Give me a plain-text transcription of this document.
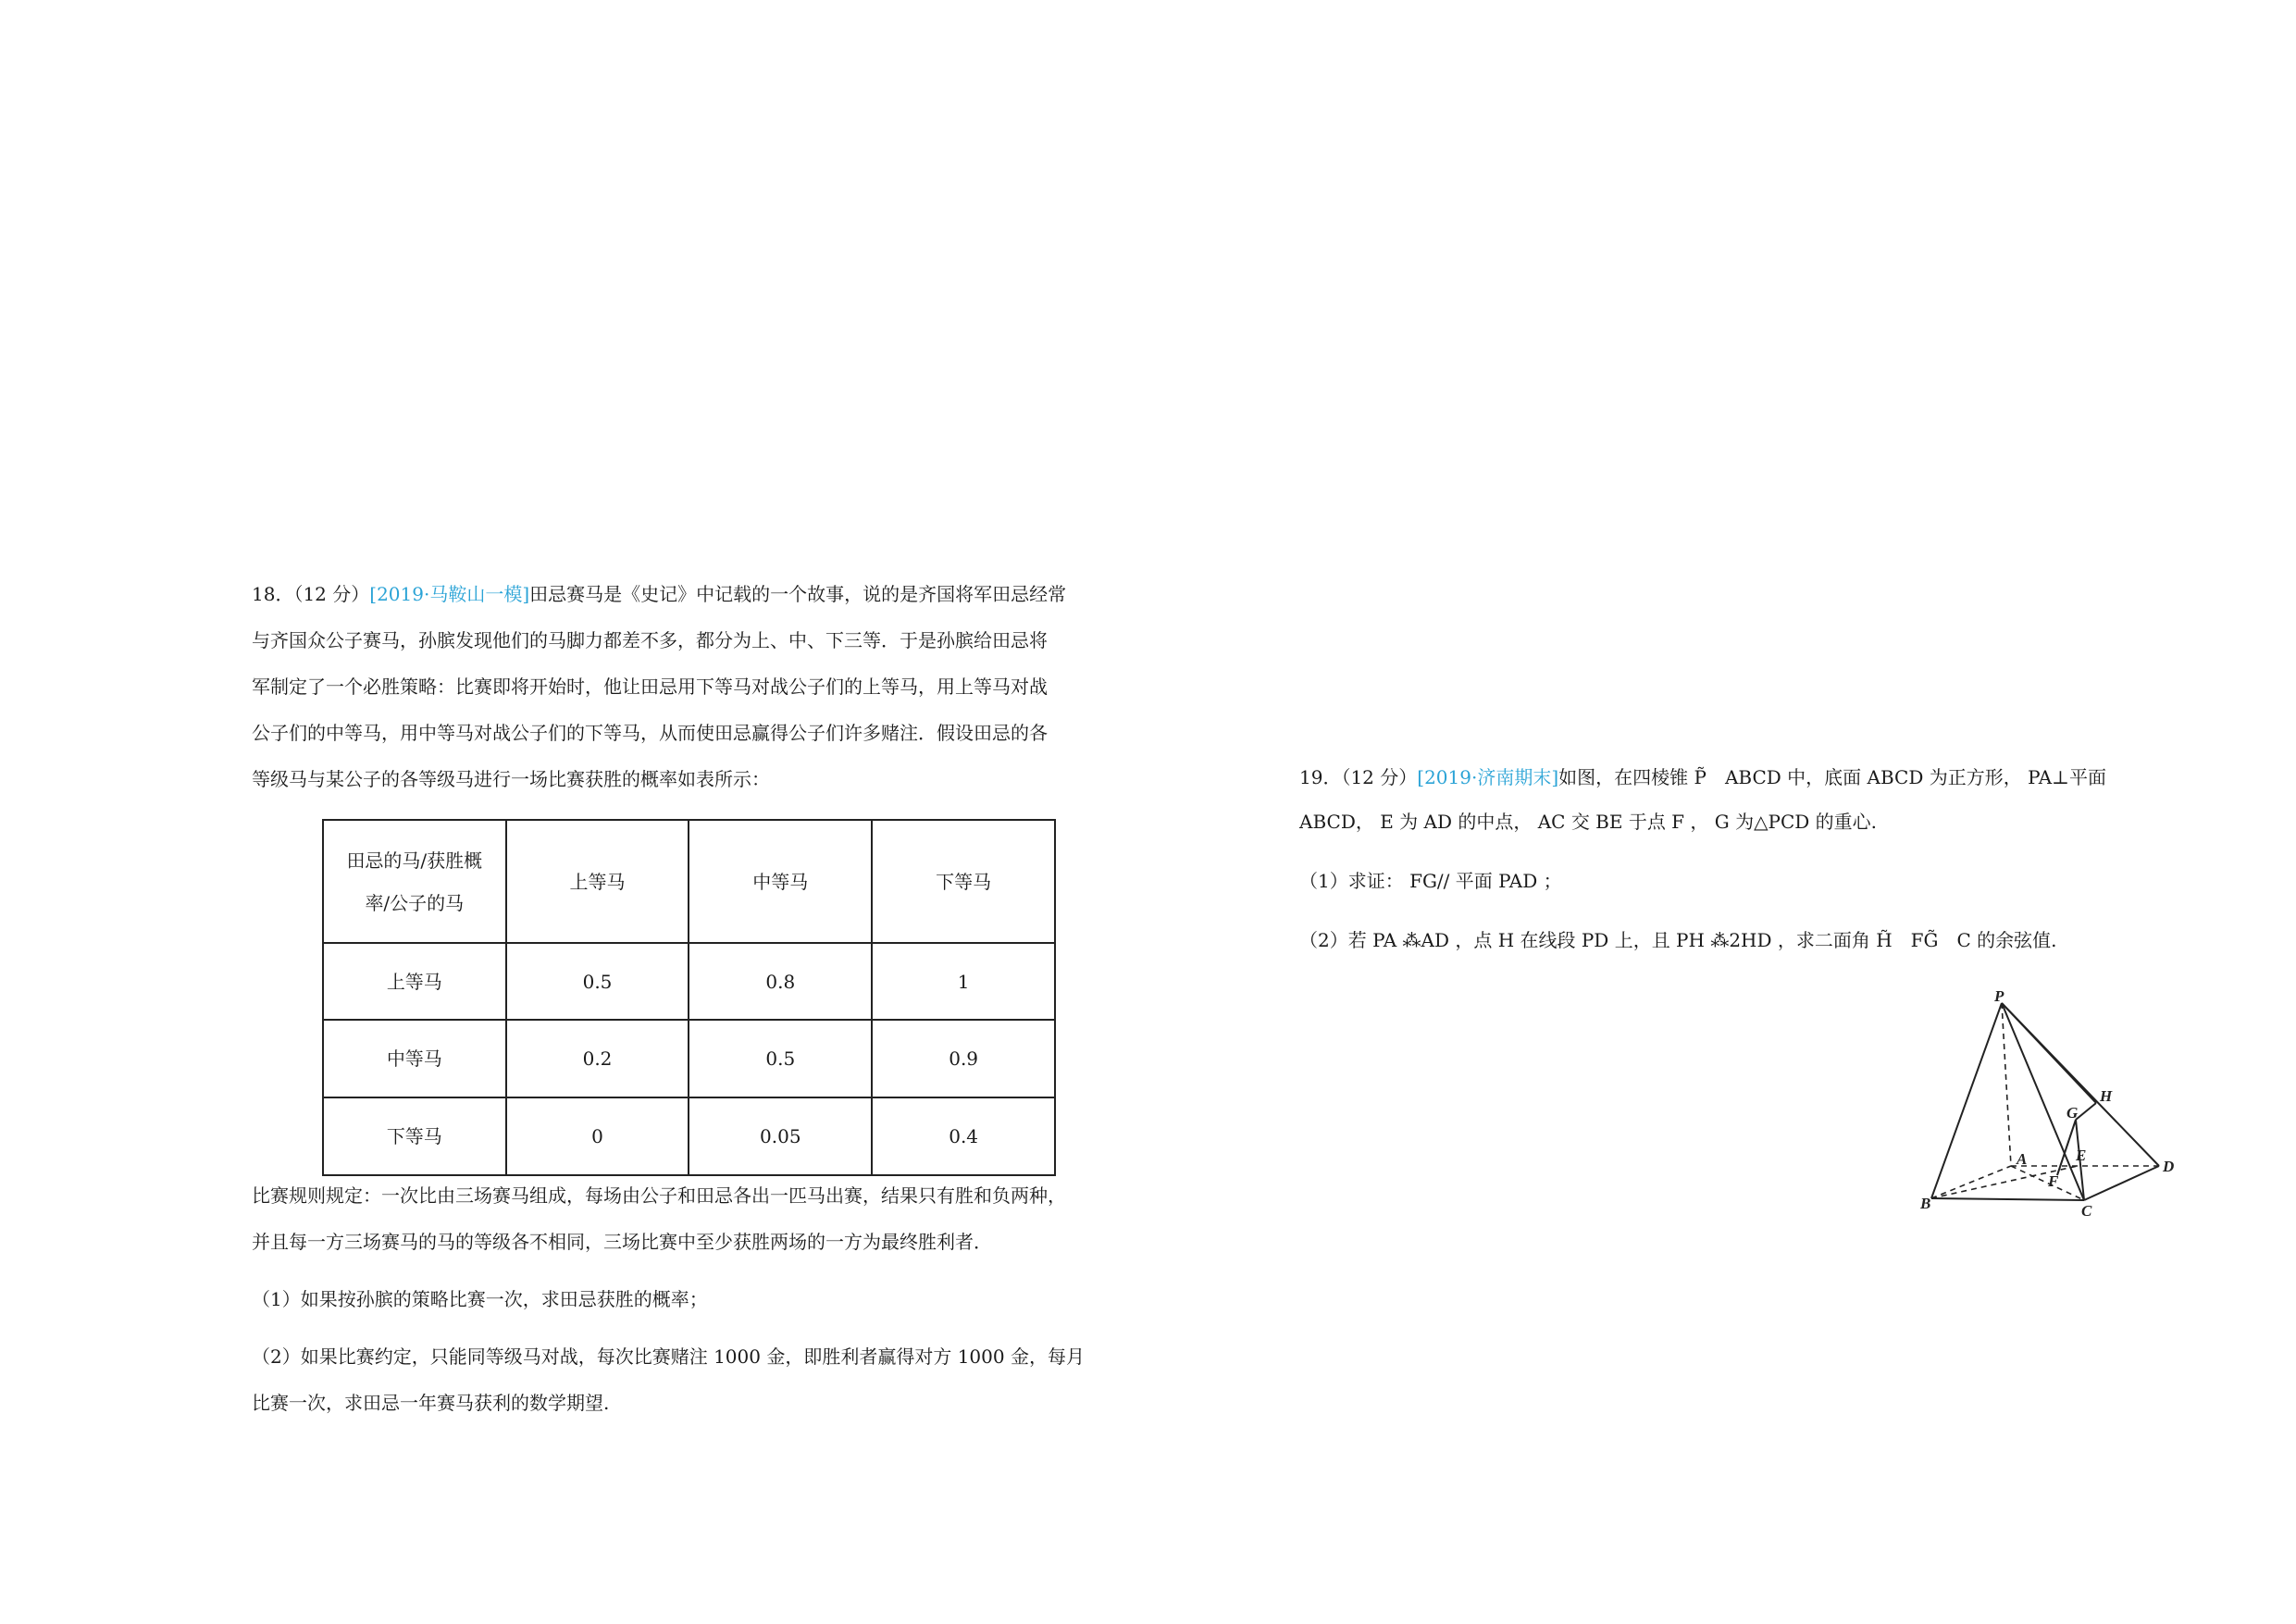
18．（12 分）[2019·马鞍山一模]田忌赛马是《史记》中记载的一个故事，说的是齐国将军田忌经常
与齐国众公子赛马，孙膑发现他们的马脚力都差不多，都分为上、中、下三等．于是孙膑给田忌将
军制定了一个必胜策略：比赛即将开始时，他让田忌用下等马对战公子们的上等马，用上等马对战
公子们的中等马，用中等马对战公子们的下等马，从而使田忌赢得公子们许多赌注．假设田忌的各
等级马与某公子的各等级马进行一场比赛获胜的概率如表所示：
田忌的马/获胜概
率/公子的马	上等马	中等马	下等马
上等马	0.5	0.8	1
中等马	0.2	0.5	0.9
下等马	0	0.05	0.4
比赛规则规定：一次比由三场赛马组成，每场由公子和田忌各出一匹马出赛，结果只有胜和负两种，
并且每一方三场赛马的马的等级各不相同，三场比赛中至少获胜两场的一方为最终胜利者．
（1）如果按孙膑的策略比赛一次，求田忌获胜的概率；
（2）如果比赛约定，只能同等级马对战，每次比赛赌注 1000 金，即胜利者赢得对方 1000 金，每月
比赛一次，求田忌一年赛马获利的数学期望.
19．（12 分）[2019·济南期末]如图，在四棱锥 P̃　ABCD 中，底面 ABCD 为正方形， PA⊥平面
ABCD， E 为 AD 的中点， AC 交 BE 于点 F ， G 为△PCD 的重心.
（1）求证： FG// 平面 PAD ；
（2）若 PA ⁂AD ，点 H 在线段 PD 上，且 PH ⁂2HD ，求二面角 H̃　FG̃　C 的余弦值.
P
H
G
E
A
F
D
B	C
